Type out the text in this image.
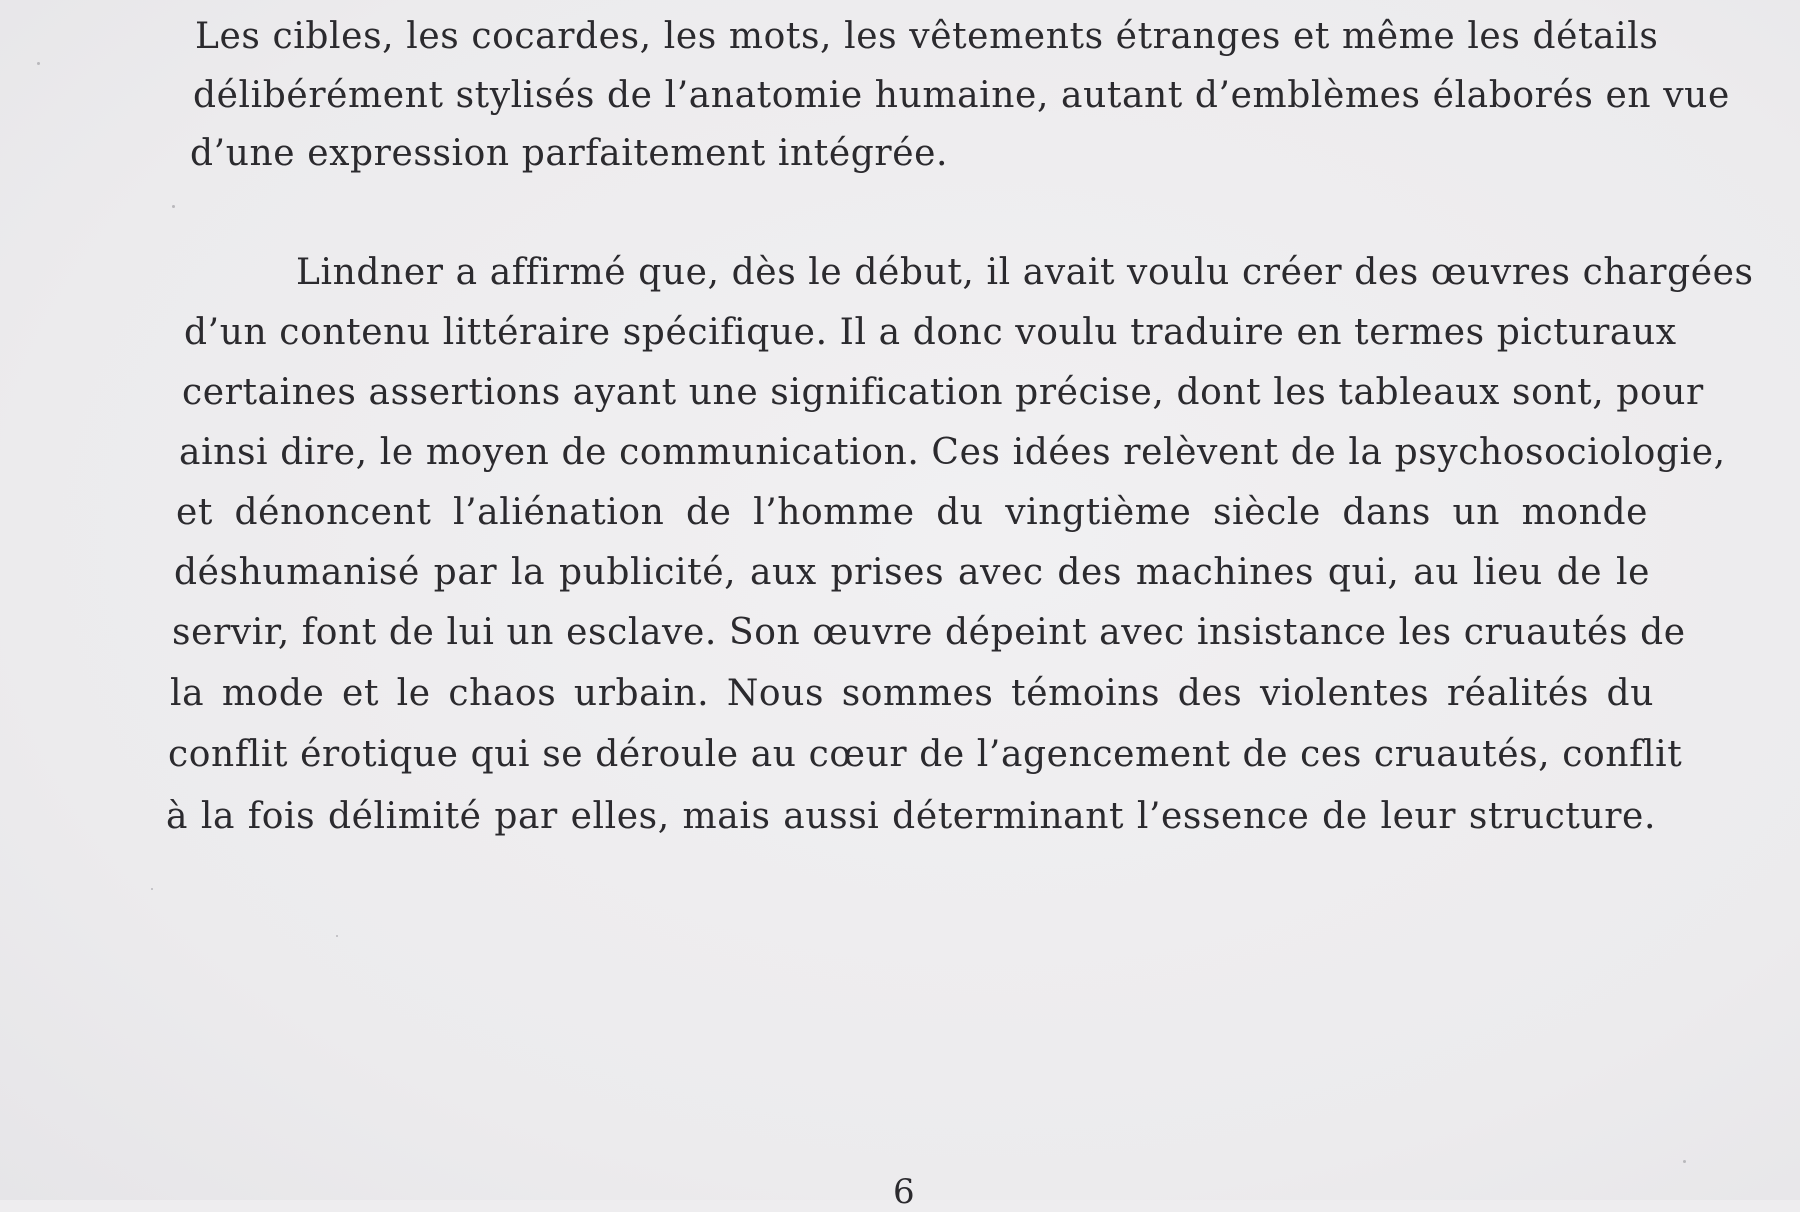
Les cibles, les cocardes, les mots, les vêtements étranges et même les détails
délibérément stylisés de l’anatomie humaine, autant d’emblèmes élaborés en vue
d’une expression parfaitement intégrée.
Lindner a affirmé que, dès le début, il avait voulu créer des œuvres chargées
d’un contenu littéraire spécifique. Il a donc voulu traduire en termes picturaux
certaines assertions ayant une signification précise, dont les tableaux sont, pour
ainsi dire, le moyen de communication. Ces idées relèvent de la psychosociologie,
et dénoncent l’aliénation de l’homme du vingtième siècle dans un monde
déshumanisé par la publicité, aux prises avec des machines qui, au lieu de le
servir, font de lui un esclave. Son œuvre dépeint avec insistance les cruautés de
la mode et le chaos urbain. Nous sommes témoins des violentes réalités du
conflit érotique qui se déroule au cœur de l’agencement de ces cruautés, conflit
à la fois délimité par elles, mais aussi déterminant l’essence de leur structure.
6
